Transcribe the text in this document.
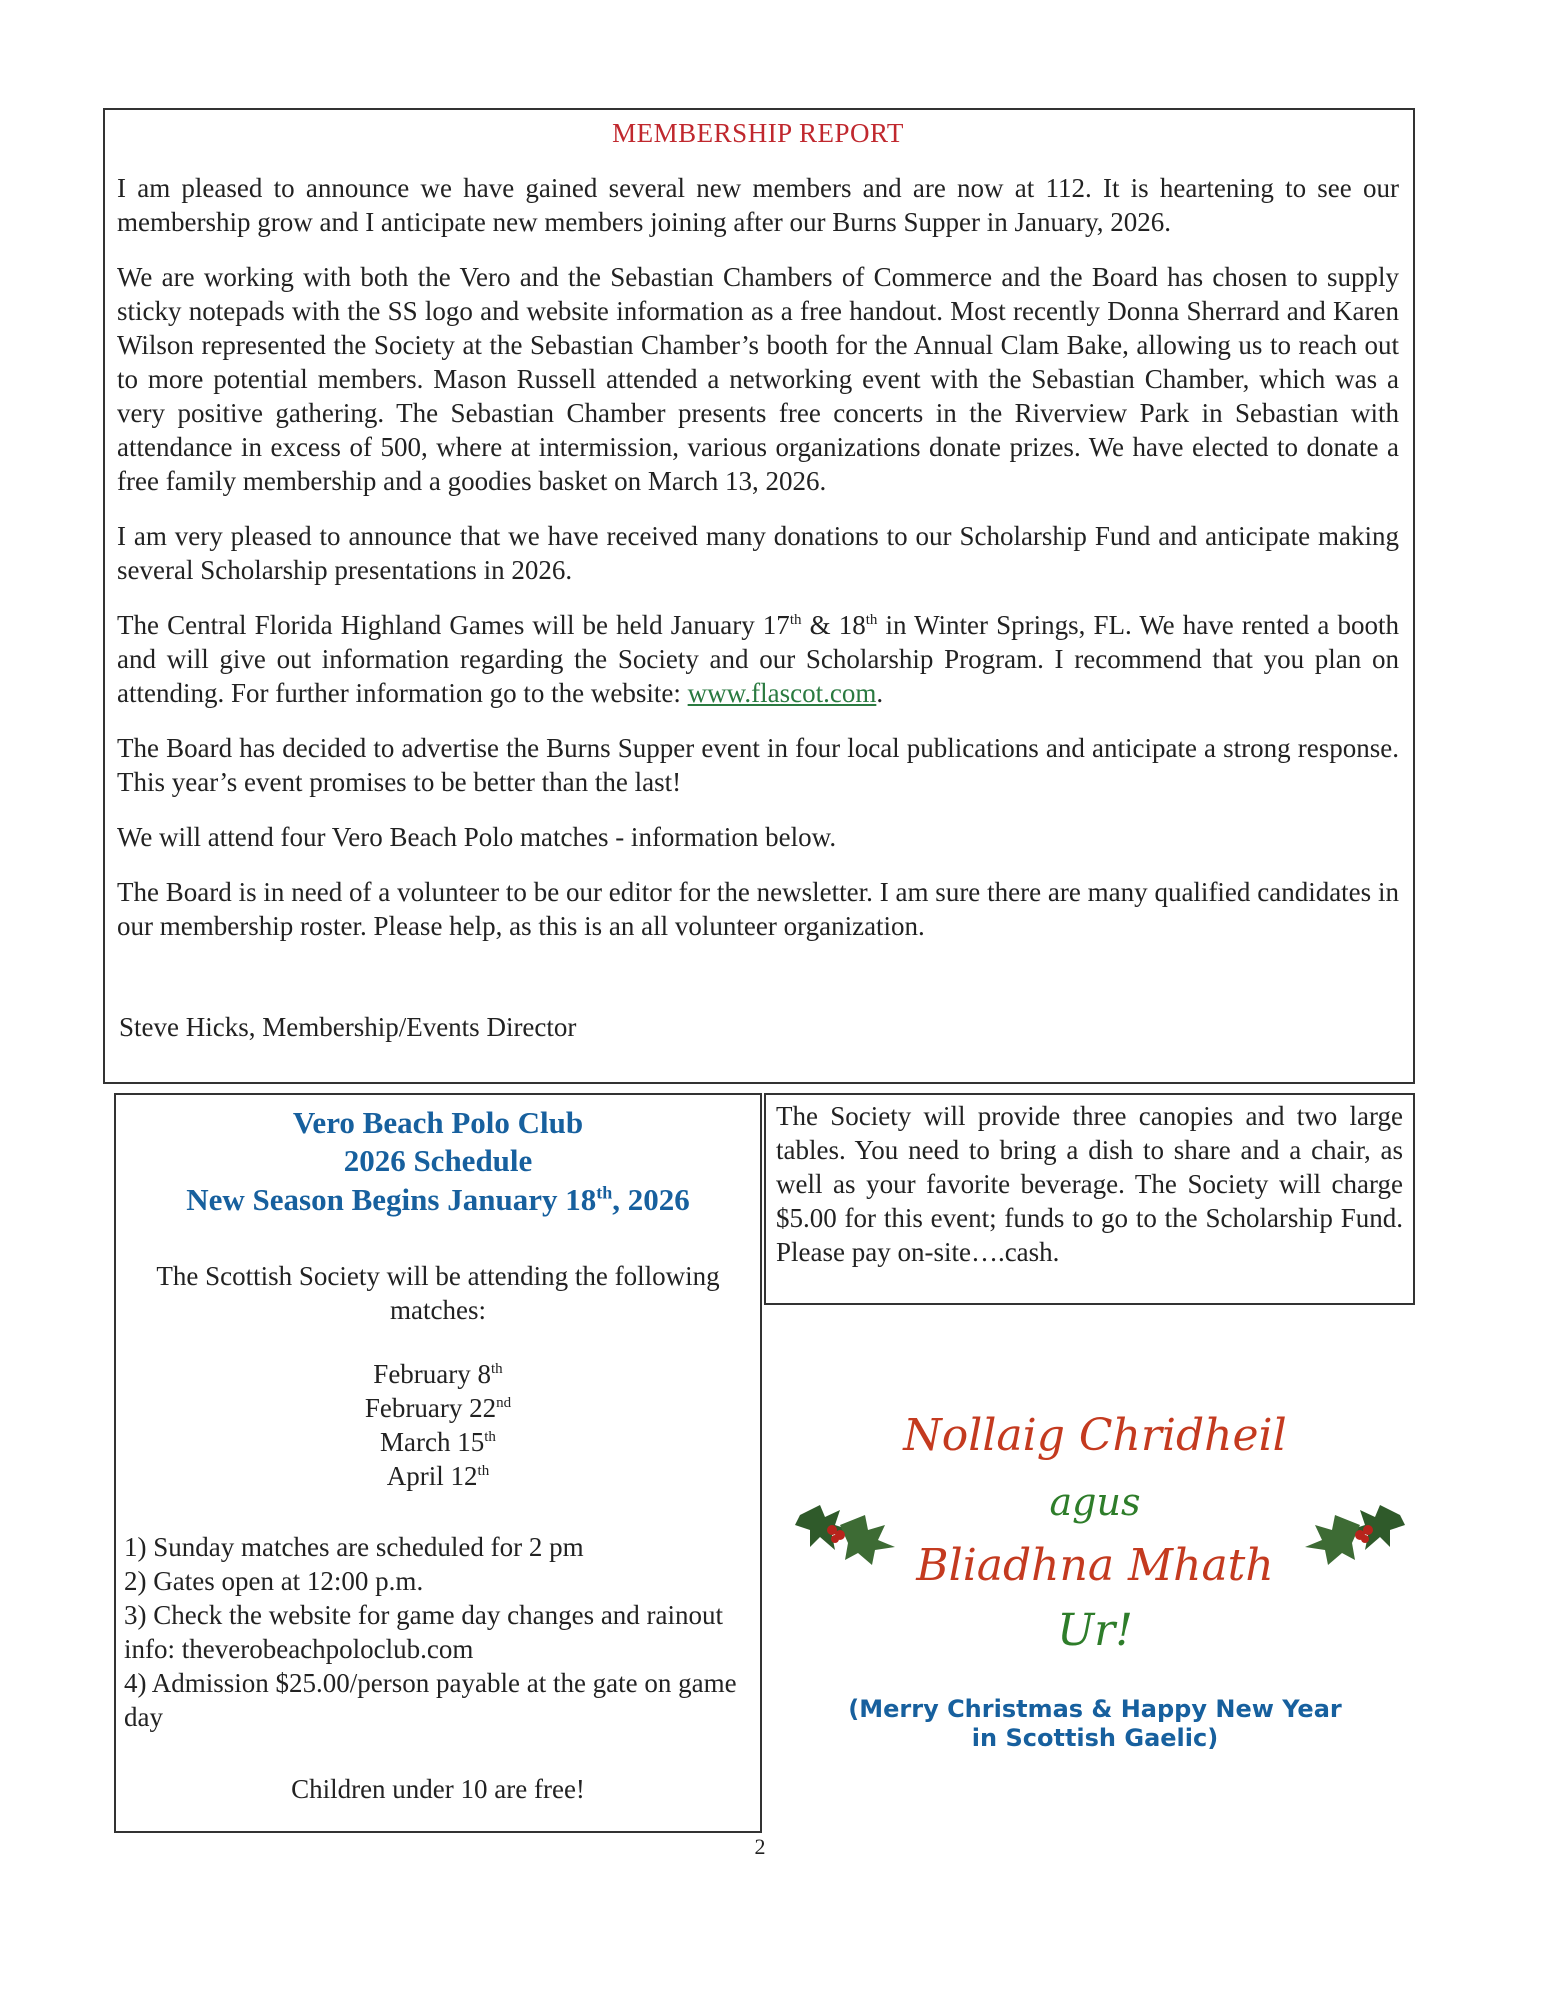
MEMBERSHIP REPORT

I am pleased to announce we have gained several new members and are now at 112. It is heartening to see our membership grow and I anticipate new members joining after our Burns Supper in January, 2026.

We are working with both the Vero and the Sebastian Chambers of Commerce and the Board has chosen to supply sticky notepads with the SS logo and website information as a free handout. Most recently Donna Sherrard and Karen Wilson represented the Society at the Sebastian Chamber’s booth for the Annual Clam Bake, allowing us to reach out to more potential members. Mason Russell attended a networking event with the Sebastian Chamber, which was a very positive gathering. The Sebastian Chamber presents free concerts in the Riverview Park in Sebastian with attendance in excess of 500, where at intermission, various organizations donate prizes. We have elected to donate a free family membership and a goodies basket on March 13, 2026.

I am very pleased to announce that we have received many donations to our Scholarship Fund and anticipate making several Scholarship presentations in 2026.

The Central Florida Highland Games will be held January 17th & 18th in Winter Springs, FL. We have rented a booth and will give out information regarding the Society and our Scholarship Program. I recommend that you plan on attending. For further information go to the website: www.flascot.com.

The Board has decided to advertise the Burns Supper event in four local publications and anticipate a strong response. This year’s event promises to be better than the last!

We will attend four Vero Beach Polo matches - information below.

The Board is in need of a volunteer to be our editor for the newsletter. I am sure there are many qualified candidates in our membership roster. Please help, as this is an all volunteer organization.

Steve Hicks, Membership/Events Director

Vero Beach Polo Club
2026 Schedule
New Season Begins January 18th, 2026
The Scottish Society will be attending the following matches:
February 8th
February 22nd
March 15th
April 12th
1) Sunday matches are scheduled for 2 pm
2) Gates open at 12:00 p.m.
3) Check the website for game day changes and rainout info: theverobeachpoloclub.com
4) Admission $25.00/person payable at the gate on game day
Children under 10 are free!

The Society will provide three canopies and two large tables. You need to bring a dish to share and a chair, as well as your favorite beverage. The Society will charge $5.00 for this event; funds to go to the Scholarship Fund. Please pay on-site….cash.

Nollaig Chridheil
agus
Bliadhna Mhath
Ur!
(Merry Christmas & Happy New Year
in Scottish Gaelic)
2
